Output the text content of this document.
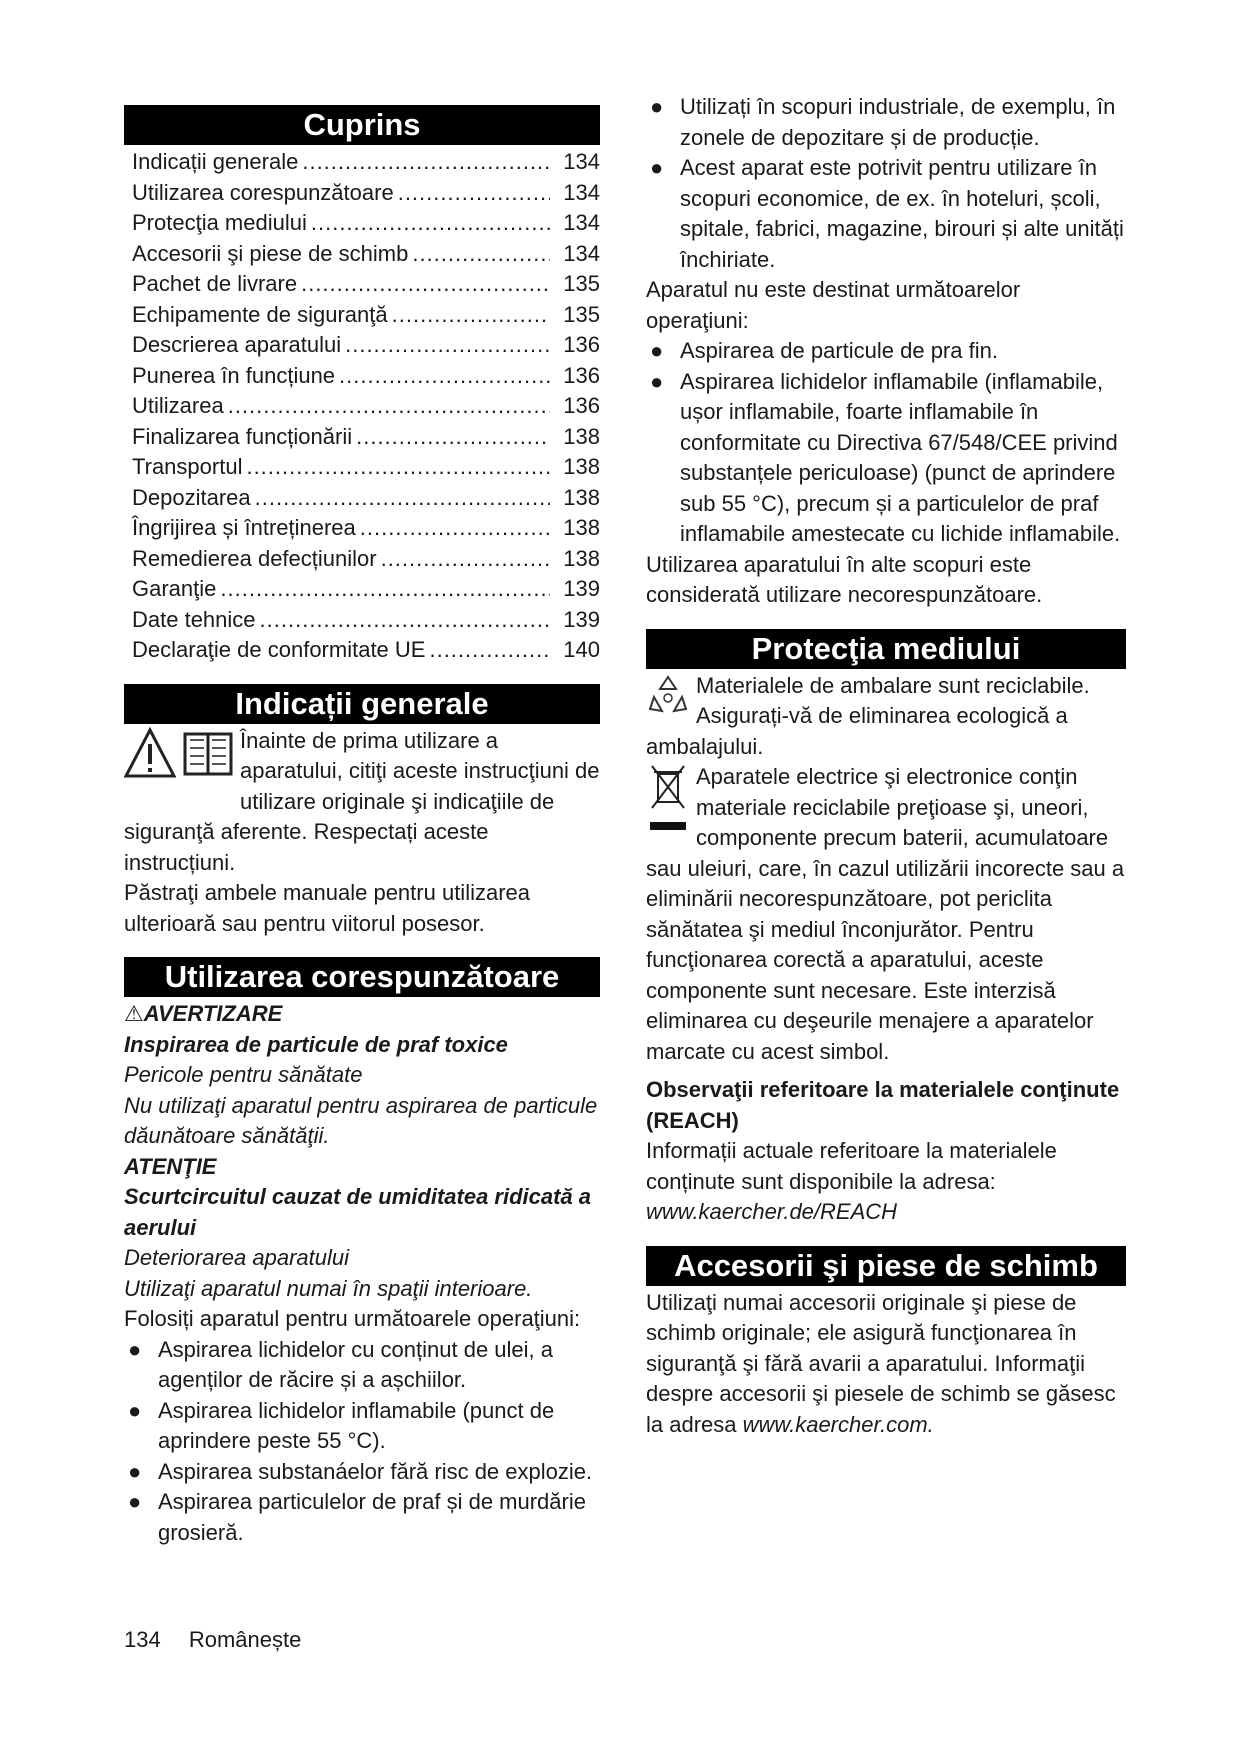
Cuprins
Indicații generale .....	134
Utilizarea corespunzătoare .....	134
Protecţia mediului .....	134
Accesorii şi piese de schimb .....	134
Pachet de livrare .....	135
Echipamente de siguranţă .....	135
Descrierea aparatului .....	136
Punerea în funcțiune .....	136
Utilizarea .....	136
Finalizarea funcționării .....	138
Transportul .....	138
Depozitarea .....	138
Îngrijirea și întreținerea .....	138
Remedierea defecțiunilor .....	138
Garanţie .....	139
Date tehnice .....	139
Declaraţie de conformitate UE .....	140
Indicații generale

Înainte de prima utilizare a aparatului, citiţi aceste instrucţiuni de utilizare originale şi indicaţiile de siguranţă aferente. Respectați aceste instrucțiuni.

Păstraţi ambele manuale pentru utilizarea ulterioară sau pentru viitorul posesor.

Utilizarea corespunzătoare

⚠AVERTIZARE

Inspirarea de particule de praf toxice

Pericole pentru sănătate

Nu utilizaţi aparatul pentru aspirarea de particule dăunătoare sănătăţii.

ATENŢIE

Scurtcircuitul cauzat de umiditatea ridicată a aerului

Deteriorarea aparatului

Utilizaţi aparatul numai în spaţii interioare.

Folosiți aparatul pentru următoarele operaţiuni:

● Aspirarea lichidelor cu conținut de ulei, a agenților de răcire și a așchiilor.
● Aspirarea lichidelor inflamabile (punct de aprindere peste 55 °C).
● Aspirarea substanáelor fără risc de explozie.
● Aspirarea particulelor de praf și de murdărie grosieră.
● Utilizați în scopuri industriale, de exemplu, în zonele de depozitare și de producție.
● Acest aparat este potrivit pentru utilizare în scopuri economice, de ex. în hoteluri, școli, spitale, fabrici, magazine, birouri și alte unități închiriate.

Aparatul nu este destinat următoarelor operaţiuni:

● Aspirarea de particule de pra fin.
● Aspirarea lichidelor inflamabile (inflamabile, ușor inflamabile, foarte inflamabile în conformitate cu Directiva 67/548/CEE privind substanțele periculoase) (punct de aprindere sub 55 °C), precum și a particulelor de praf inflamabile amestecate cu lichide inflamabile.

Utilizarea aparatului în alte scopuri este considerată utilizare necorespunzătoare.

Protecţia mediului

Materialele de ambalare sunt reciclabile. Asigurați-vă de eliminarea ecologică a ambalajului.

Aparatele electrice şi electronice conţin materiale reciclabile preţioase şi, uneori, componente precum baterii, acumulatoare sau uleiuri, care, în cazul utilizării incorecte sau a eliminării necorespunzătoare, pot periclita sănătatea şi mediul înconjurător. Pentru funcţionarea corectă a aparatului, aceste componente sunt necesare. Este interzisă eliminarea cu deşeurile menajere a aparatelor marcate cu acest simbol.

Observaţii referitoare la materialele conţinute (REACH)

Informații actuale referitoare la materialele conținute sunt disponibile la adresa:

www.kaercher.de/REACH

Accesorii şi piese de schimb

Utilizaţi numai accesorii originale şi piese de schimb originale; ele asigură funcţionarea în siguranţă şi fără avarii a aparatului. Informaţii despre accesorii şi piesele de schimb se găsesc la adresa www.kaercher.com.

134 Românește
